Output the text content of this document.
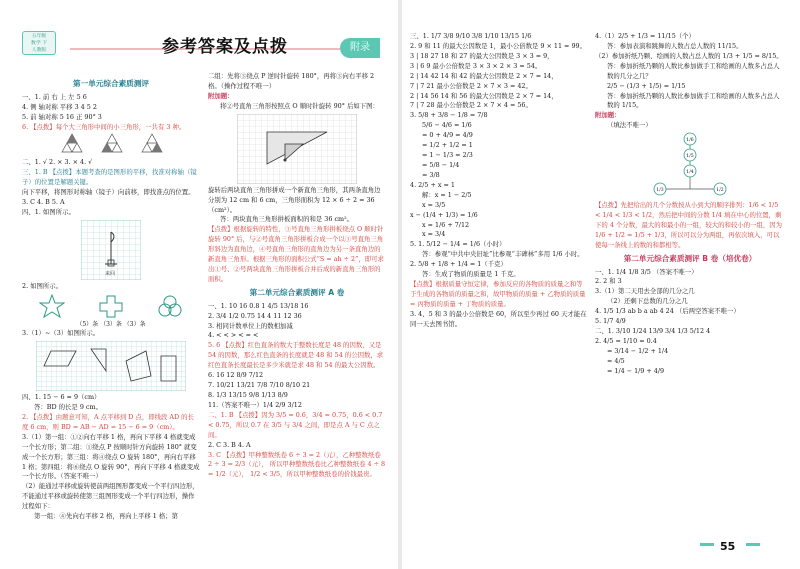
五年级
数学 下
人教版	参考答案及点拨	附录
第一单元综合素质测评
一、1. 前 右 上 左 5 6
4. 侧 轴对称 平移 3 4 5 2
5. 前 轴对称 5 16 正 90° 3
6. 【点拨】每个大三角形中间的小三角形，一共有 3 种。
二、1. √ 2. × 3. × 4. √
三、1. B 【点拨】本题考查的是图形的平移，找准对称轴（镜子）的位置是解题关键。
向下平移，将图形对称轴（镜子）向前移，即找准点的位置。
3. C 4. B 5. A
四、1. 如图所示。
来回
2. 如图所示。
（5）条 （3）条 （3）条
3.（1）~（3）如图所示。
四、1. 15 − 6 = 9（cm）
答：BD 的长是 9 cm。
2. 【点拨】由题意可知，A 点平移到 D 点，即线段 AD 的长度 6 cm，则 BD = AB − AD = 15 − 6 = 9（cm）。
3.（1）第一组：①②向右平移 1 格，再向下平移 4 格就变成一个长方形；第二组：①绕点 P 按顺时针方向旋转 180° 就变成一个长方形；第三组：将④绕点 O 旋转 180°，再向右平移 1 格；第四组：将⑥绕点 O 旋转 90°，再向下平移 4 格就变成一个长方形。（答案不唯一）
（2）能通过平移或旋转使前两组图形都变成一个平行四边形，不能通过平移或旋转使第三组图形变成一个平行四边形，操作过程如下：
第一组：④先向右平移 2 格，再向上平移 1 格；第
二组：先将③绕点 P 逆时针旋转 180°，再将③向右平移 2 格。（操作过程不唯一）
附加题：
将②号直角三角形按照点 O 顺时针旋转 90° 后如下图：
旋转后两块直角三角形拼成一个新直角三角形，其两条直角边分别为 12 cm 和 6 cm，三角形面积为 12 × 6 ÷ 2 = 36（cm²）。
答：两块直角三角形拼板面积的和是 36 cm²。
【点拨】根据旋转的特性，③号直角三角形拼板绕点 O 顺时针旋转 90° 后，与②号直角三角形拼板合成一个以③号直角三角形斜边为直角边，④号直角三角形的直角边为另一条直角边的新直角三角形。根据三角形的面积公式“S = ah ÷ 2”，即可求出①号、②号两块直角三角形拼板合并后成的新直角三角形的面积。
第二单元综合素质测评 A 卷
一、1. 10 16 0.8 1 4/5 13/18 16
2. 3/4 1/2 0.75 14 4 11 12 36
3. 相同计数单位上的数相加减
4. < < > < = <
5. 6 【点拨】红色直条的数大于整数长度是 48 的因数，又是 54 的因数，那么红色直条的长度就是 48 和 54 的公因数，求红色直条长度最长是多少米就是求 48 和 54 的最大公因数。
6. 16 12 8/9 7/12
7. 10/21 13/21 7/8 7/10 8/10 21
8. 1/3 13/15 9/8 1/13 8/9
11.（答案不唯一）1/4 2/9 3/12
二、1. B 【点拨】因为 3/5 = 0.6，3/4 = 0.75，0.6 < 0.7 < 0.75，所以 0.7 在 3/5 与 3/4 之间，即是点 A 与 C 点之间。
2. C 3. B 4. A
3. C 【点拨】甲种整数纸卷 6 ÷ 3 = 2（元），乙种整数纸卷 2 ÷ 3 = 2/3（元）， 所以甲种整数纸卷比乙种整数纸卷 4 ÷ 8 = 1/2（元）， 1/2 < 3/5，所以甲种整数纸卷的价钱最贵。
三、1. 1/7 3/8 9/10 3/8 1/10 13/15 1/6
2. 9 和 11 的最大公因数是 1，最小公倍数是 9 × 11 = 99。
3 | 18 27 18 和 27 的最大公因数是 3 × 3 = 9，
3 | 6 9 最小公倍数是 3 × 3 × 2 × 3 = 54。
2 | 14 42 14 和 42 的最大公因数是 2 × 7 = 14，
7 | 7 21 最小公倍数是 2 × 7 × 3 = 42。
2 | 14 56 14 和 56 的最大公因数是 2 × 7 = 14，
7 | 7 28 最小公倍数是 2 × 7 × 4 = 56。
3. 5/8 + 3/8 − 1/8 = 7/8
5/6 − 4/6 = 1/6
= 0 + 4/9 = 4/9
= 1/2 + 1/2 = 1
= 1 − 1/3 = 2/3
= 5/8 − 1/4
= 3/8
4. 2/5 + x = 1
解：x = 1 − 2/5
x = 3/5
x − (1/4 + 1/3) = 1/6
x = 1/6 + 7/12
x = 3/4
5. 1. 5/12 − 1/4 = 1/6（小时）
答：参观“中共中央旧址”比参观“丰碑林”多用 1/6 小时。
2. 5/8 + 1/8 + 1/4 = 1（千克）
答：生成了物质的质量是 1 千克。
【点拨】根据质量守恒定律，参加反应的各物质的质量之和等于生成的各物质的质量之和，故甲物质的质量 + 乙物质的质量 = 丙物质的质量 + 丁物质的质量。
3. 4、5 和 3 的最小公倍数是 60，所以至少再过 60 天才能在同一天去图书馆。
4.（1）2/5 + 1/3 = 11/15（个）
答：参加表演和跳舞的人数占总人数的 11/15。
（2）参加折纸乃颗、绘画的人数占总人数的 1/3 + 1/5 = 8/15。
答：参加折纸乃颗的人数比参加做手工和绘画的人数多占总人数的几分之几？
2/5 − (1/3 + 1/5) = 1/15
答：参加折纸乃颗的人数比参加做手工和绘画的人数多占总人数的 1/15。
附加题：
（填法不唯一）
1/6
1/5
1/4
1/3	1/2
【点拨】先把给出的几个分数按从小到大的顺序排列：1/6 < 1/5 < 1/4 < 1/3 < 1/2，然后把中间的分数 1/4 填在中心的位置，剩下的 4 个分数，最大的和最小的一组，较大的和较小的一组，因为 1/6 + 1/2 = 1/5 + 1/3，所以可以分为两组，再依次填入，可以使每一条线上的数的和都相等。
第二单元综合素质测评 B 卷（培优卷）
一、1. 1/4 1/8 3/5 （答案不唯一）
2. 2 和 3
3.（1）第二天用去全部的几分之几
（2）还剩下总数的几分之几
4. 1/5 1/3 ab b a ab 4 24 （后两空答案不唯一）
5. 1/7 4/9
二、1. 3/10 1/24 13/9 3/4 1/3 5/12 4
2. 4/5 = 1/10 = 0.4
= 3/14 − 1/2 + 1/4
= 4/5
= 1/4 − 1/9 + 4/9
55
